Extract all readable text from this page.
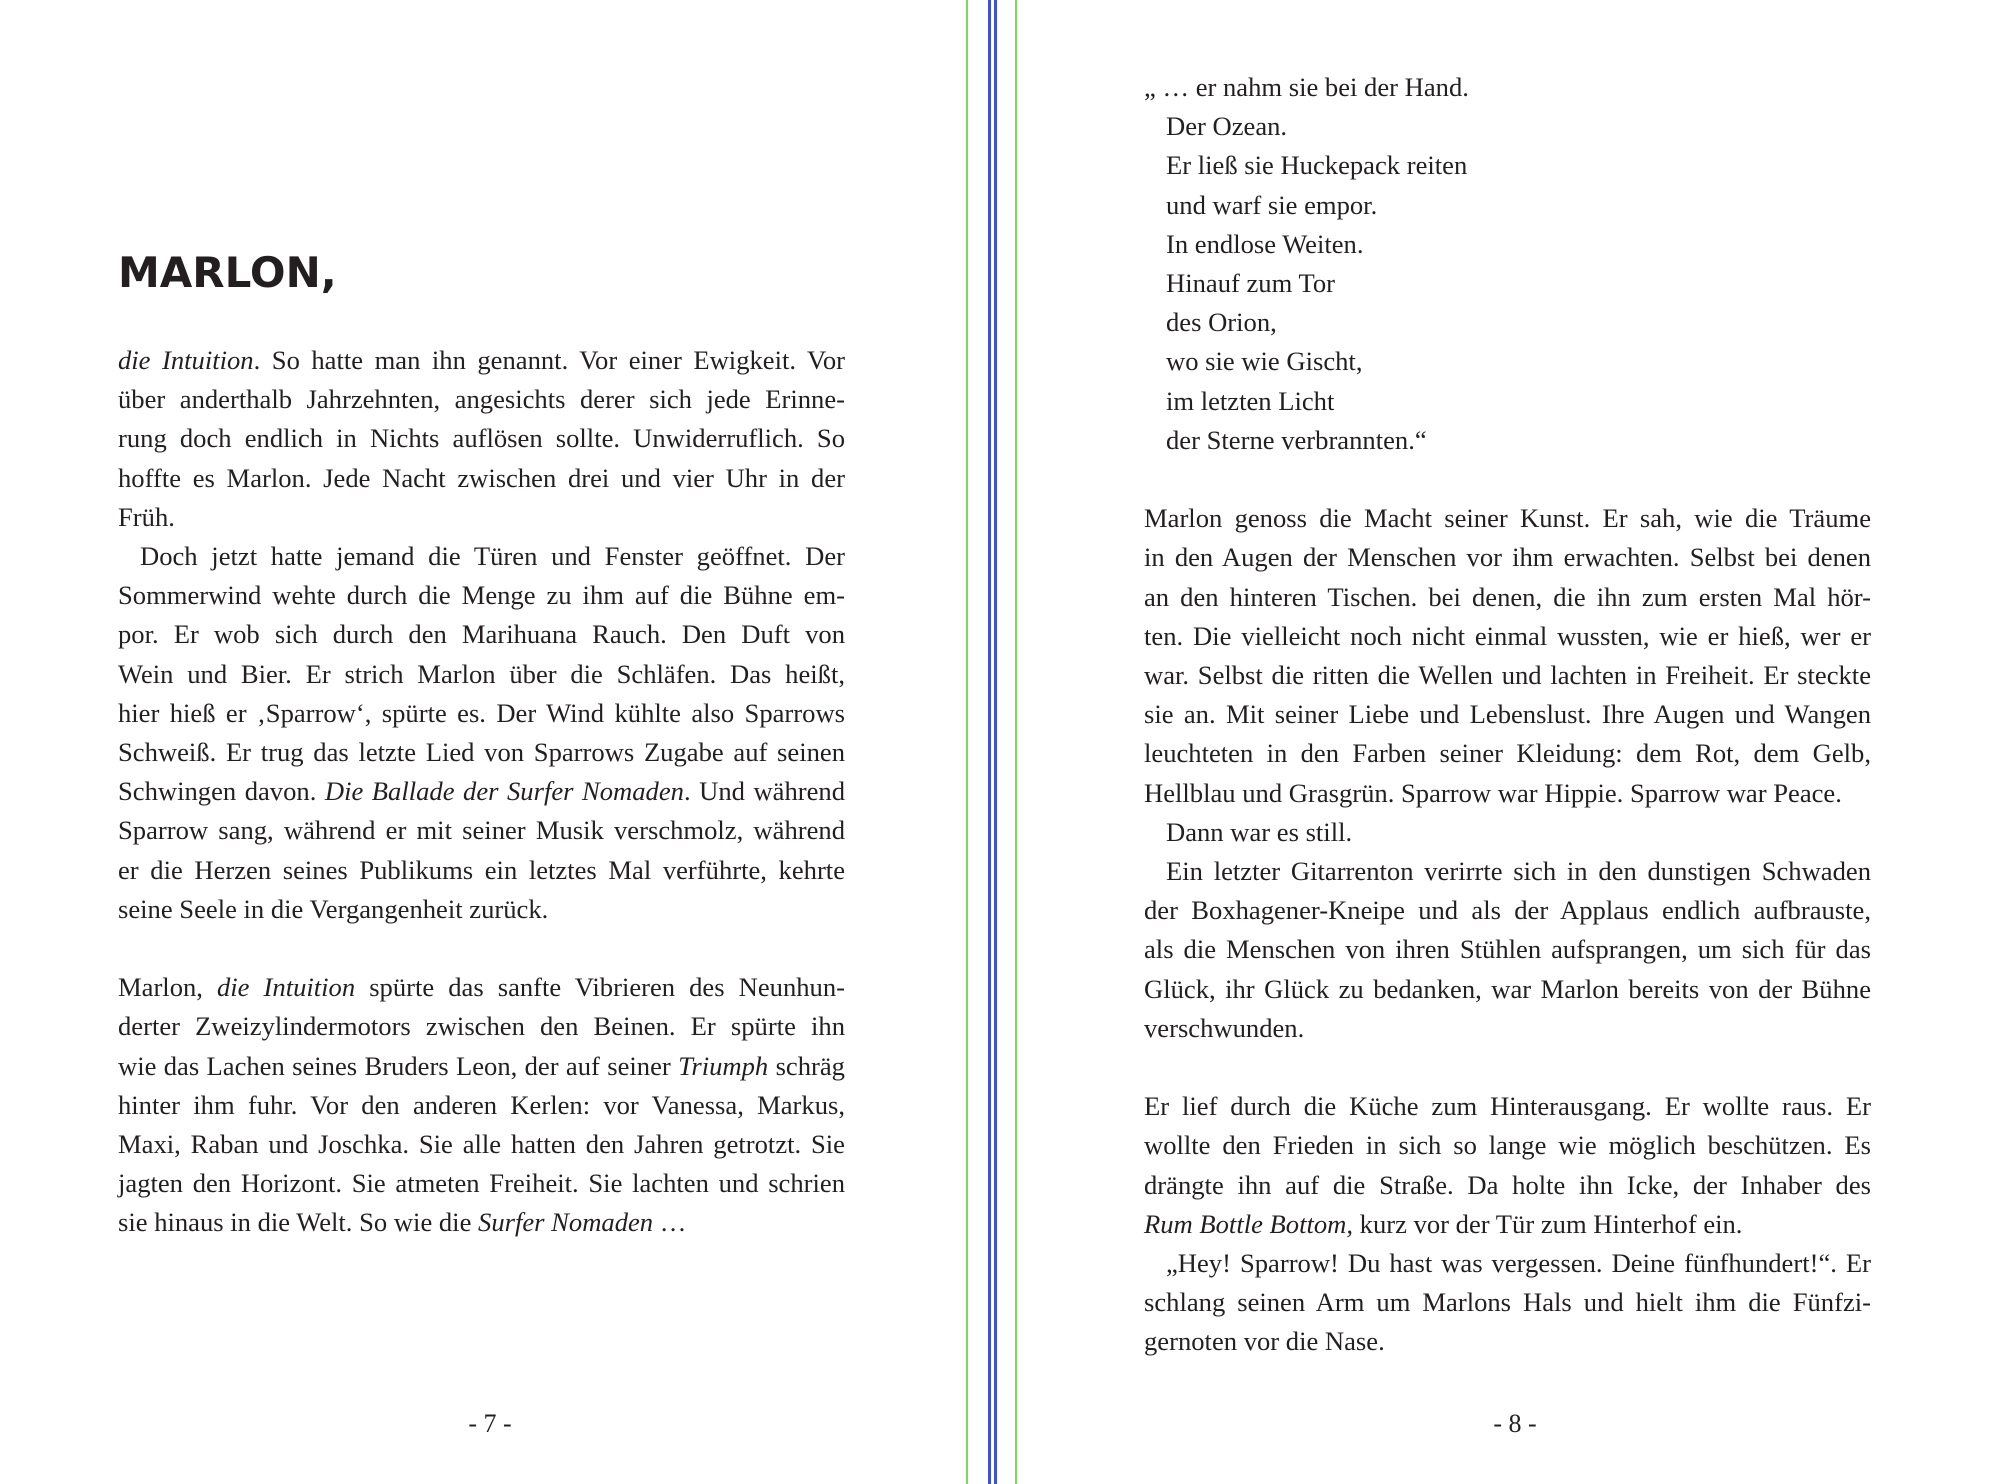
MARLON,

die Intuition. So hatte man ihn genannt. Vor einer Ewigkeit. Vor
über anderthalb Jahrzehnten, angesichts derer sich jede Erinne-
rung doch endlich in Nichts auflösen sollte. Unwiderruflich. So
hoffte es Marlon. Jede Nacht zwischen drei und vier Uhr in der
Früh.

Doch jetzt hatte jemand die Türen und Fenster geöffnet. Der
Sommerwind wehte durch die Menge zu ihm auf die Bühne em-
por. Er wob sich durch den Marihuana Rauch. Den Duft von
Wein und Bier. Er strich Marlon über die Schläfen. Das heißt,
hier hieß er ‚Sparrow‘, spürte es. Der Wind kühlte also Sparrows
Schweiß. Er trug das letzte Lied von Sparrows Zugabe auf seinen
Schwingen davon. Die Ballade der Surfer Nomaden. Und während
Sparrow sang, während er mit seiner Musik verschmolz, während
er die Herzen seines Publikums ein letztes Mal verführte, kehrte
seine Seele in die Vergangenheit zurück.

Marlon, die Intuition spürte das sanfte Vibrieren des Neunhun-
derter Zweizylindermotors zwischen den Beinen. Er spürte ihn
wie das Lachen seines Bruders Leon, der auf seiner Triumph schräg
hinter ihm fuhr. Vor den anderen Kerlen: vor Vanessa, Markus,
Maxi, Raban und Joschka. Sie alle hatten den Jahren getrotzt. Sie
jagten den Horizont. Sie atmeten Freiheit. Sie lachten und schrien
sie hinaus in die Welt. So wie die Surfer Nomaden …

- 7 -
„ … er nahm sie bei der Hand.
Der Ozean.
Er ließ sie Huckepack reiten
und warf sie empor.
In endlose Weiten.
Hinauf zum Tor
des Orion,
wo sie wie Gischt,
im letzten Licht
der Sterne verbrannten.“

Marlon genoss die Macht seiner Kunst. Er sah, wie die Träume
in den Augen der Menschen vor ihm erwachten. Selbst bei denen
an den hinteren Tischen. bei denen, die ihn zum ersten Mal hör-
ten. Die vielleicht noch nicht einmal wussten, wie er hieß, wer er
war. Selbst die ritten die Wellen und lachten in Freiheit. Er steckte
sie an. Mit seiner Liebe und Lebenslust. Ihre Augen und Wangen
leuchteten in den Farben seiner Kleidung: dem Rot, dem Gelb,
Hellblau und Grasgrün. Sparrow war Hippie. Sparrow war Peace.

Dann war es still.

Ein letzter Gitarrenton verirrte sich in den dunstigen Schwaden
der Boxhagener-Kneipe und als der Applaus endlich aufbrauste,
als die Menschen von ihren Stühlen aufsprangen, um sich für das
Glück, ihr Glück zu bedanken, war Marlon bereits von der Bühne
verschwunden.

Er lief durch die Küche zum Hinterausgang. Er wollte raus. Er
wollte den Frieden in sich so lange wie möglich beschützen. Es
drängte ihn auf die Straße. Da holte ihn Icke, der Inhaber des
Rum Bottle Bottom, kurz vor der Tür zum Hinterhof ein.

„Hey! Sparrow! Du hast was vergessen. Deine fünfhundert!“. Er
schlang seinen Arm um Marlons Hals und hielt ihm die Fünfzi-
gernoten vor die Nase.

- 8 -
